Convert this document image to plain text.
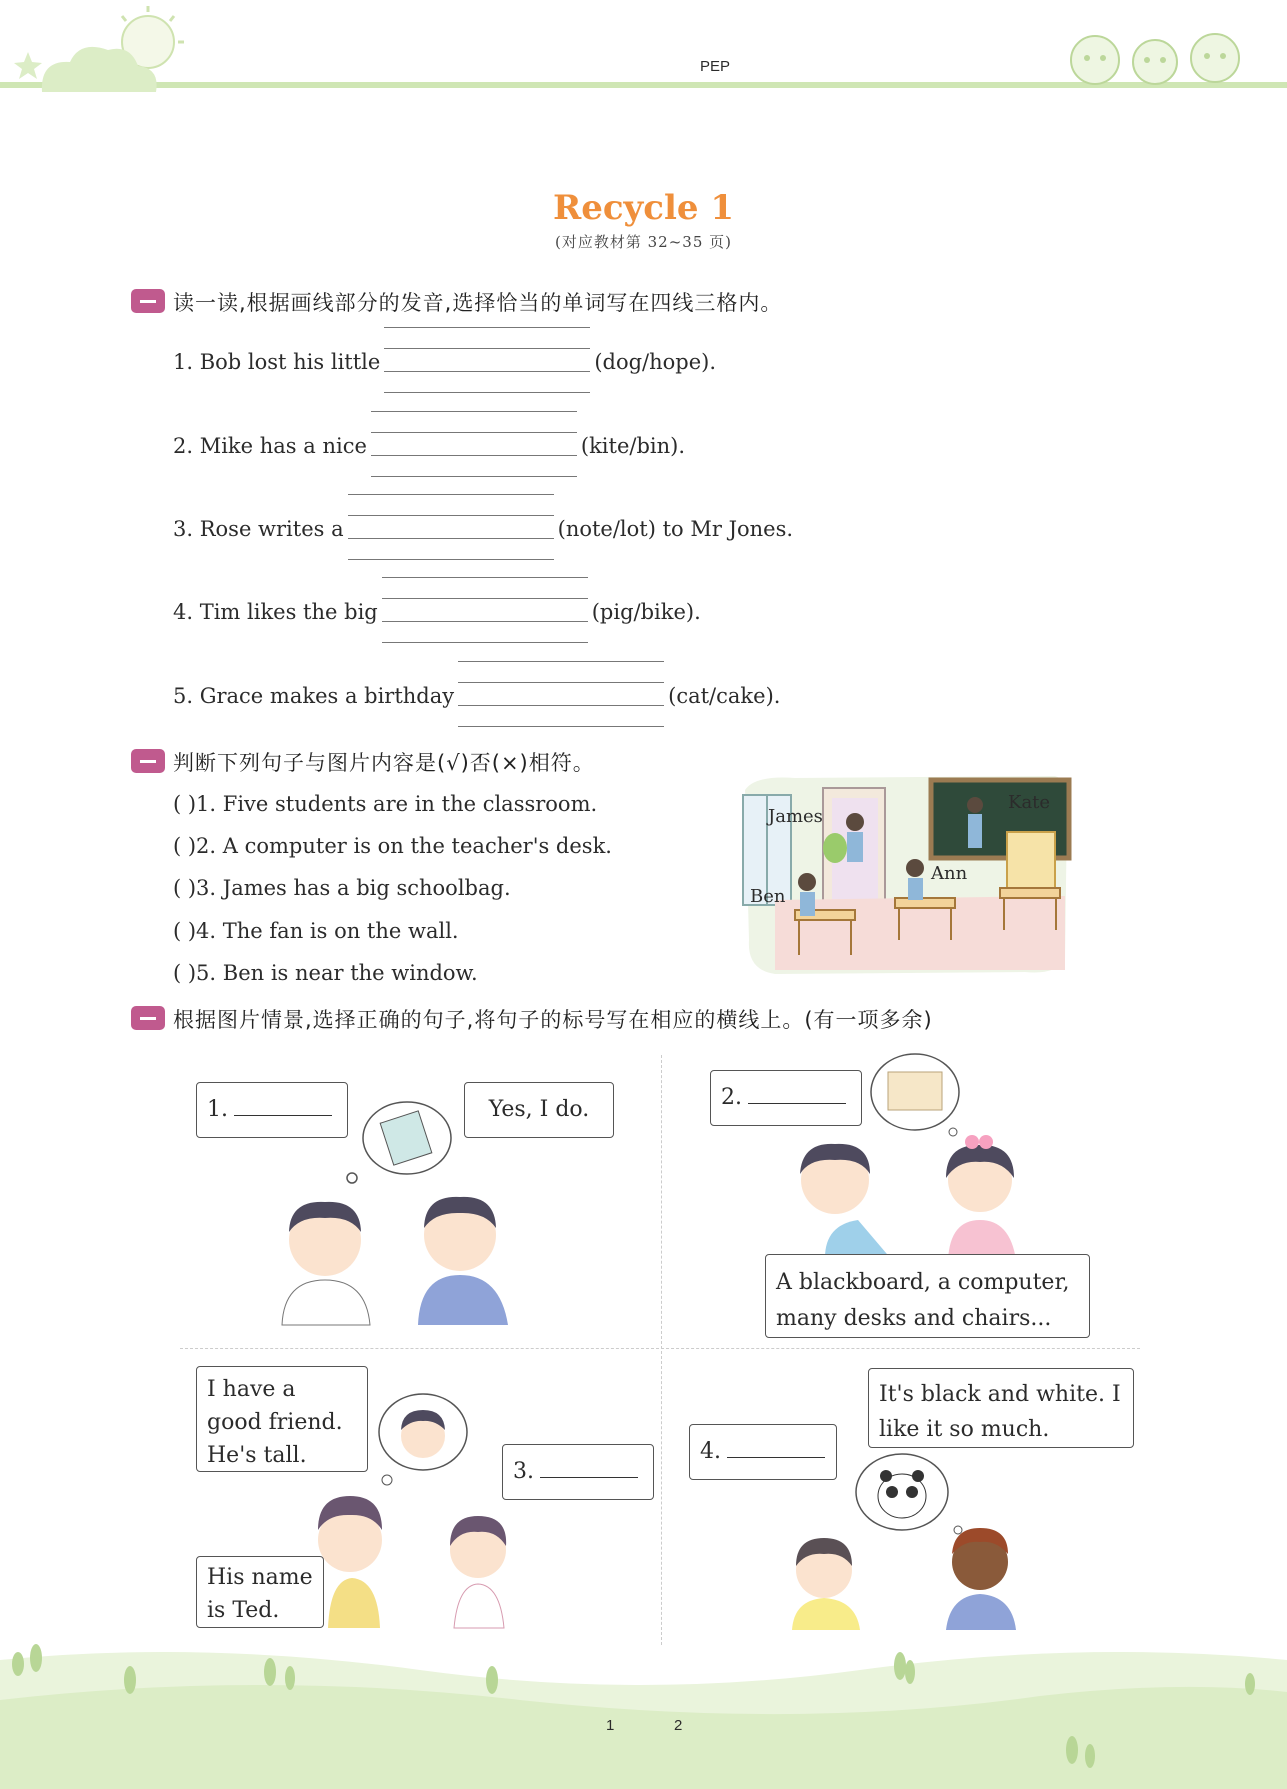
PEP
Recycle 1
(对应教材第 32~35 页)
读一读,根据画线部分的发音,选择恰当的单词写在四线三格内。
1. Bob lost his little	(dog/hope).
2. Mike has a nice	(kite/bin).
3. Rose writes a	(note/lot) to Mr Jones.
4. Tim likes the big	(pig/bike).
5. Grace makes a birthday	(cat/cake).
判断下列句子与图片内容是(√)否(×)相符。
( )1. Five students are in the classroom.
( )2. A computer is on the teacher's desk.
( )3. James has a big schoolbag.
( )4. The fan is on the wall.
( )5. Ben is near the window.
James
Kate
Ann
Ben
根据图片情景,选择正确的句子,将句子的标号写在相应的横线上。(有一项多余)
1.	Yes, I do.	2.
A blackboard, a computer, many desks and chairs...
I have a good friend. He's tall.
3.
His name is Ted.
It's black and white. I like it so much.
4.
1	2
